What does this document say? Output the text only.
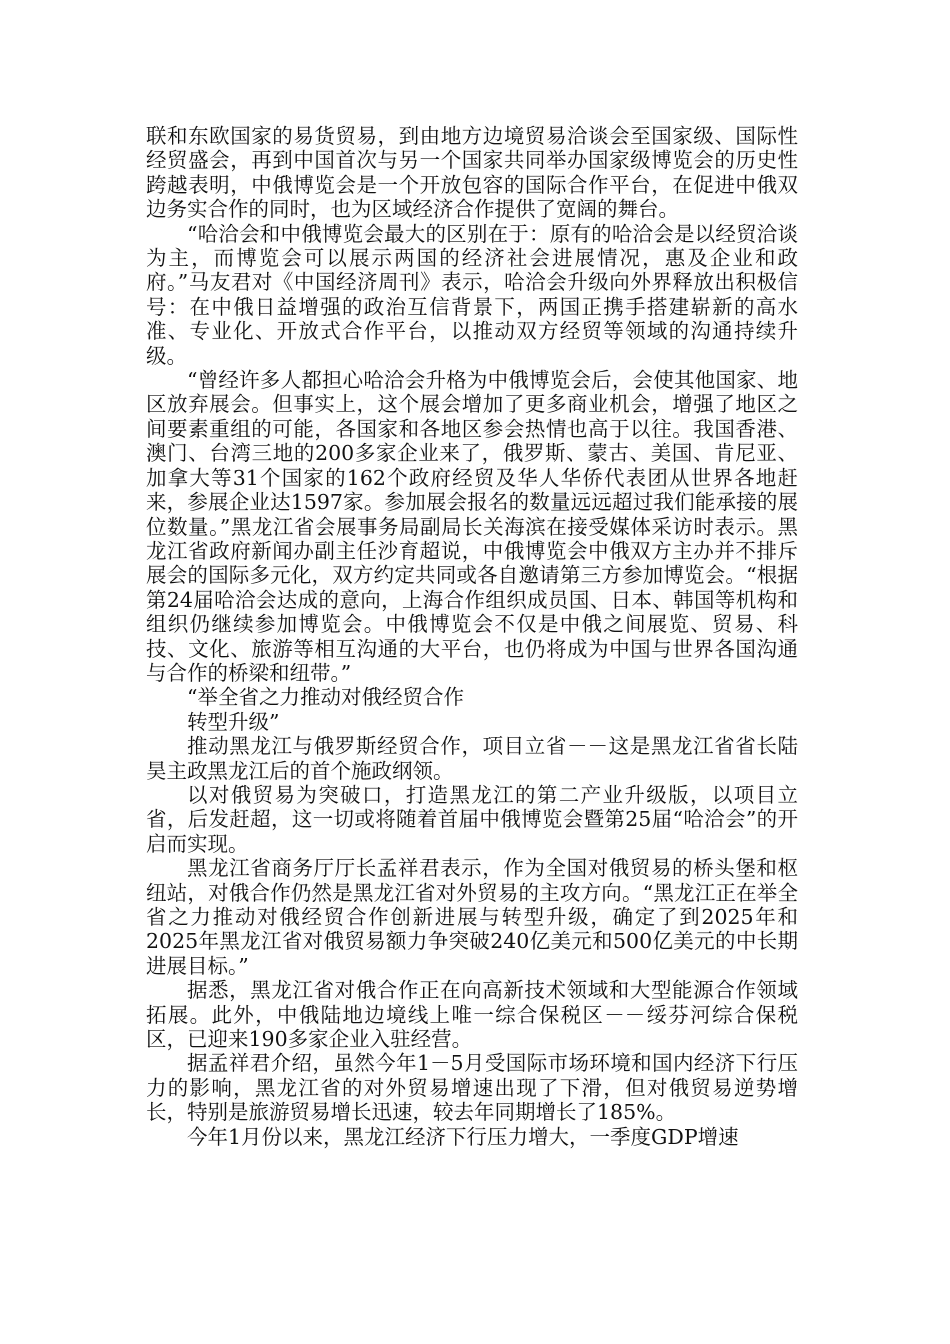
联和东欧国家的易货贸易，到由地方边境贸易洽谈会至国家级、国际性经贸盛会，再到中国首次与另一个国家共同举办国家级博览会的历史性跨越表明，中俄博览会是一个开放包容的国际合作平台，在促进中俄双边务实合作的同时，也为区域经济合作提供了宽阔的舞台。

“哈洽会和中俄博览会最大的区别在于：原有的哈洽会是以经贸洽谈为主，而博览会可以展示两国的经济社会进展情况，惠及企业和政府。”马友君对《中国经济周刊》表示，哈洽会升级向外界释放出积极信号：在中俄日益增强的政治互信背景下，两国正携手搭建崭新的高水准、专业化、开放式合作平台，以推动双方经贸等领域的沟通持续升级。

“曾经许多人都担心哈洽会升格为中俄博览会后，会使其他国家、地区放弃展会。但事实上，这个展会增加了更多商业机会，增强了地区之间要素重组的可能，各国家和各地区参会热情也高于以往。我国香港、澳门、台湾三地的200多家企业来了，俄罗斯、蒙古、美国、肯尼亚、加拿大等31个国家的162个政府经贸及华人华侨代表团从世界各地赶来，参展企业达1597家。参加展会报名的数量远远超过我们能承接的展位数量。”黑龙江省会展事务局副局长关海滨在接受媒体采访时表示。黑龙江省政府新闻办副主任沙育超说，中俄博览会中俄双方主办并不排斥展会的国际多元化，双方约定共同或各自邀请第三方参加博览会。“根据第24届哈洽会达成的意向，上海合作组织成员国、日本、韩国等机构和组织仍继续参加博览会。中俄博览会不仅是中俄之间展览、贸易、科技、文化、旅游等相互沟通的大平台，也仍将成为中国与世界各国沟通与合作的桥梁和纽带。”

“举全省之力推动对俄经贸合作

转型升级”

推动黑龙江与俄罗斯经贸合作，项目立省－－这是黑龙江省省长陆昊主政黑龙江后的首个施政纲领。

以对俄贸易为突破口，打造黑龙江的第二产业升级版，以项目立省，后发赶超，这一切或将随着首届中俄博览会暨第25届“哈洽会”的开启而实现。

黑龙江省商务厅厅长孟祥君表示，作为全国对俄贸易的桥头堡和枢纽站，对俄合作仍然是黑龙江省对外贸易的主攻方向。“黑龙江正在举全省之力推动对俄经贸合作创新进展与转型升级，确定了到2025年和2025年黑龙江省对俄贸易额力争突破240亿美元和500亿美元的中长期进展目标。”

据悉，黑龙江省对俄合作正在向高新技术领域和大型能源合作领域拓展。此外，中俄陆地边境线上唯一综合保税区－－绥芬河综合保税区，已迎来190多家企业入驻经营。

据孟祥君介绍，虽然今年1－5月受国际市场环境和国内经济下行压力的影响，黑龙江省的对外贸易增速出现了下滑，但对俄贸易逆势增长，特别是旅游贸易增长迅速，较去年同期增长了185%。

今年1月份以来，黑龙江经济下行压力增大，一季度GDP增速
